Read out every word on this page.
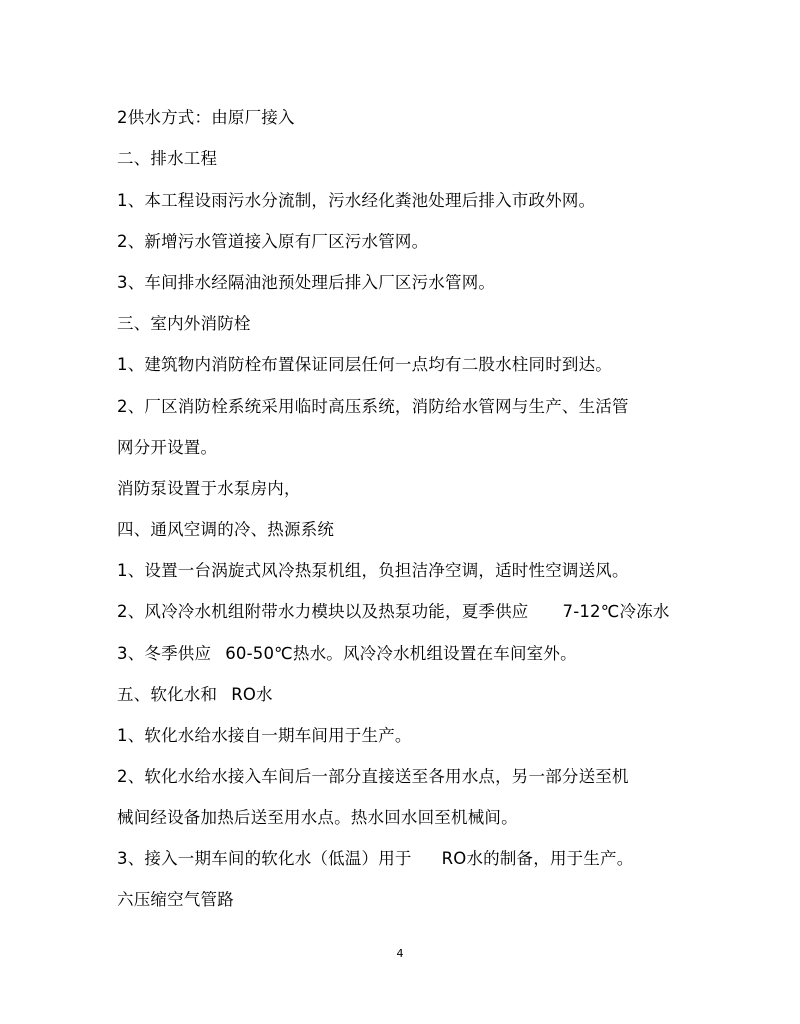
2供水方式：由原厂接入
二、排水工程
1、本工程设雨污水分流制，污水经化粪池处理后排入市政外网。
2、新增污水管道接入原有厂区污水管网。
3、车间排水经隔油池预处理后排入厂区污水管网。
三、室内外消防栓
1、建筑物内消防栓布置保证同层任何一点均有二股水柱同时到达。
2、厂区消防栓系统采用临时高压系统，消防给水管网与生产、生活管
网分开设置。
消防泵设置于水泵房内，
四、通风空调的冷、热源系统
1、设置一台涡旋式风冷热泵机组，负担洁净空调，适时性空调送风。
2、风冷冷水机组附带水力模块以及热泵功能，夏季供应 7-12℃冷冻水
3、冬季供应 60-50℃热水。风冷冷水机组设置在车间室外。
五、软化水和 RO水
1、软化水给水接自一期车间用于生产。
2、软化水给水接入车间后一部分直接送至各用水点，另一部分送至机
械间经设备加热后送至用水点。热水回水回至机械间。
3、接入一期车间的软化水（低温）用于 RO水的制备，用于生产。
六压缩空气管路
4
